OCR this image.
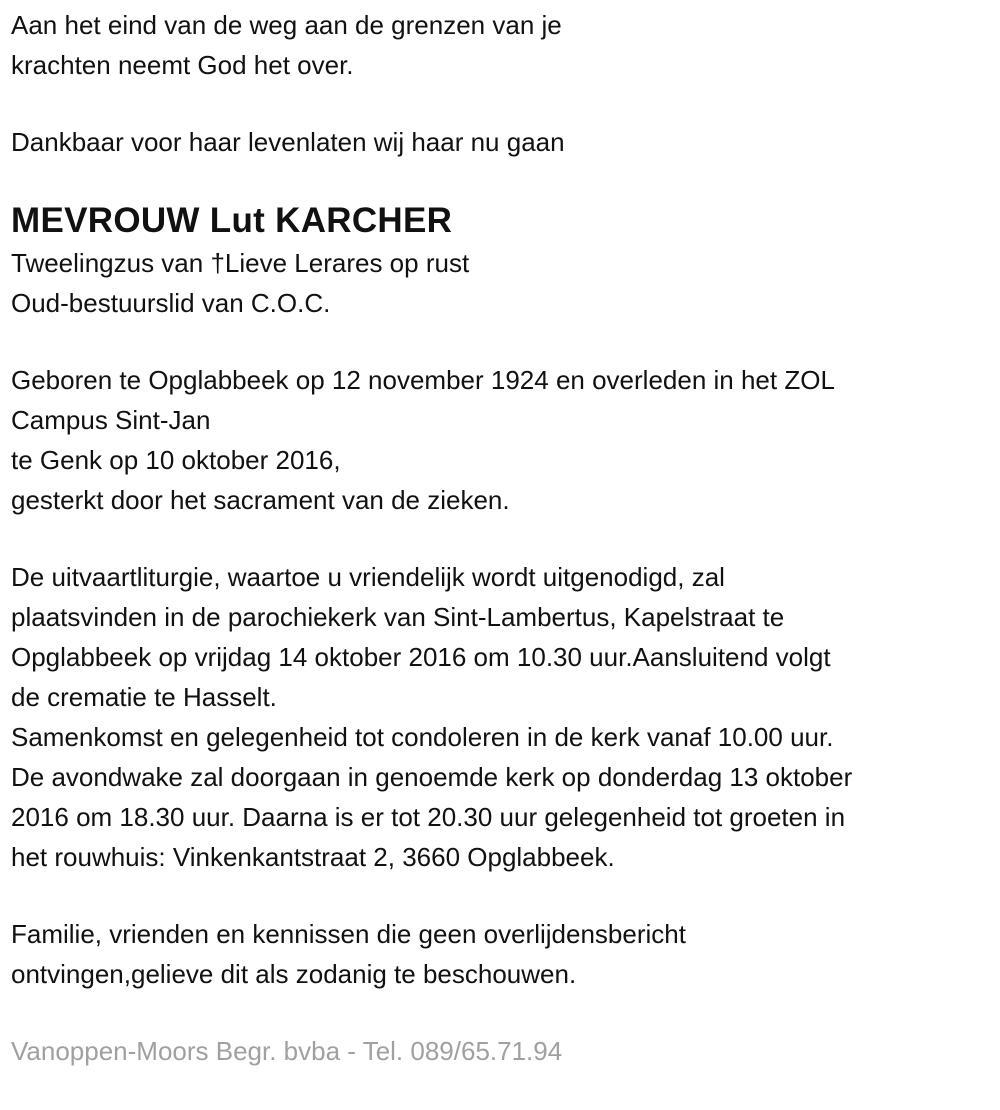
Aan het eind van de weg aan de grenzen van je
krachten neemt God het over.
Dankbaar voor haar levenlaten wij haar nu gaan
MEVROUW Lut KARCHER
Tweelingzus van †Lieve Lerares op rust
Oud-bestuurslid van C.O.C.
Geboren te Opglabbeek op 12 november 1924 en overleden in het ZOL
Campus Sint-Jan
te Genk op 10 oktober 2016,
gesterkt door het sacrament van de zieken.
De uitvaartliturgie, waartoe u vriendelijk wordt uitgenodigd, zal
plaatsvinden in de parochiekerk van Sint-Lambertus, Kapelstraat te
Opglabbeek op vrijdag 14 oktober 2016 om 10.30 uur.Aansluitend volgt
de crematie te Hasselt.
Samenkomst en gelegenheid tot condoleren in de kerk vanaf 10.00 uur.
De avondwake zal doorgaan in genoemde kerk op donderdag 13 oktober
2016 om 18.30 uur. Daarna is er tot 20.30 uur gelegenheid tot groeten in
het rouwhuis: Vinkenkantstraat 2, 3660 Opglabbeek.
Familie, vrienden en kennissen die geen overlijdensbericht
ontvingen,gelieve dit als zodanig te beschouwen.
Vanoppen-Moors Begr. bvba - Tel. 089/65.71.94
